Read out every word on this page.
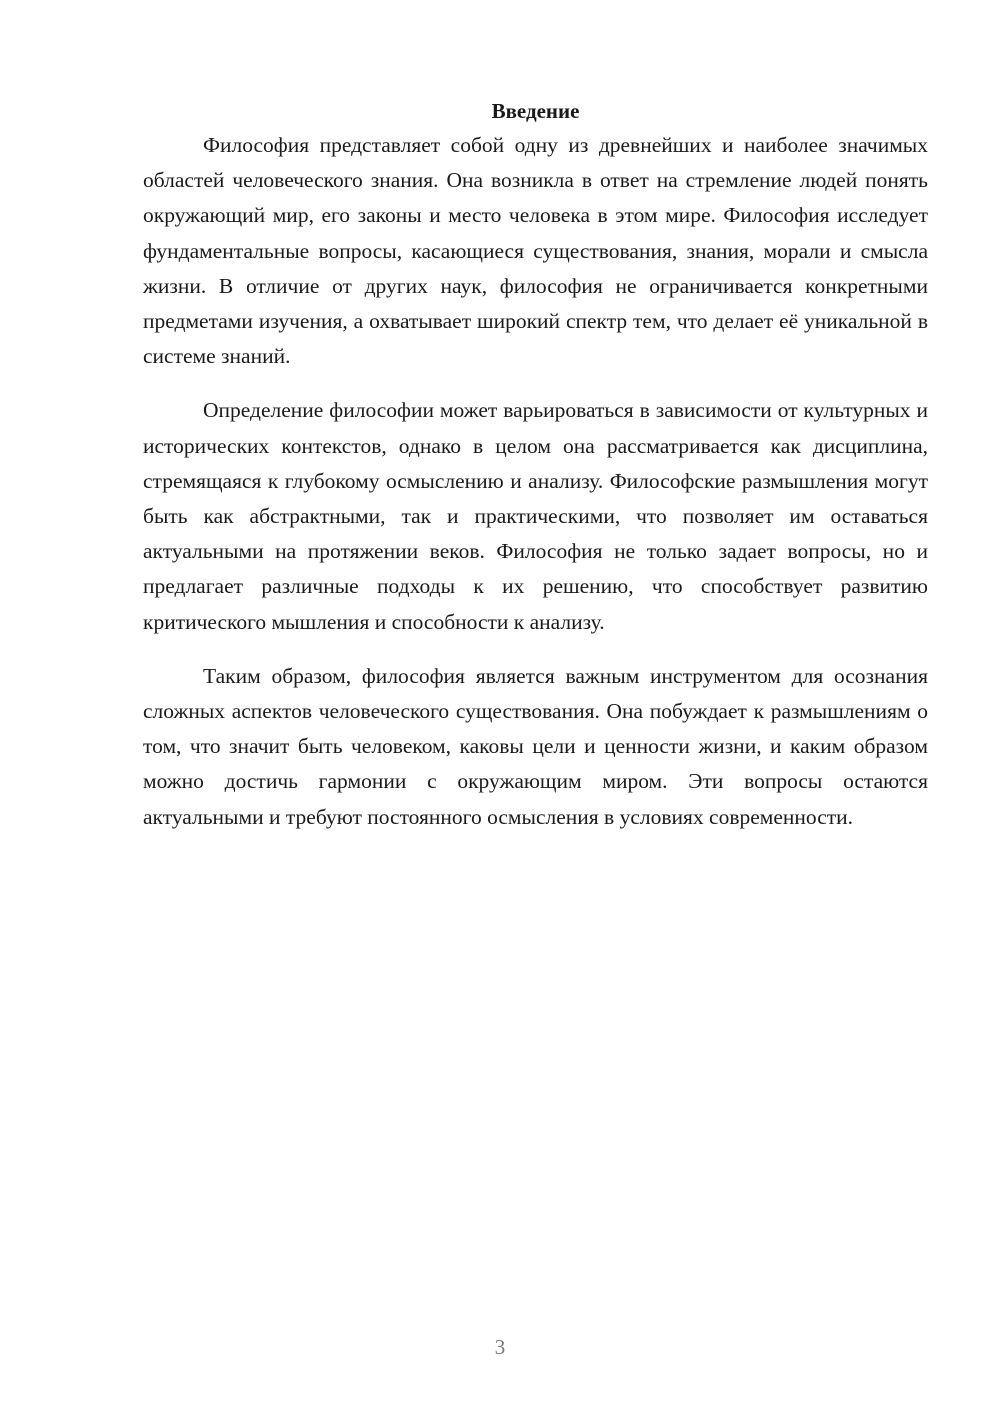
Введение

Философия представляет собой одну из древнейших и наиболее значимых областей человеческого знания. Она возникла в ответ на стремление людей понять окружающий мир, его законы и место человека в этом мире. Философия исследует фундаментальные вопросы, касающиеся существования, знания, морали и смысла жизни. В отличие от других наук, философия не ограничивается конкретными предметами изучения, а охватывает широкий спектр тем, что делает её уникальной в системе знаний.

Определение философии может варьироваться в зависимости от культурных и исторических контекстов, однако в целом она рассматривается как дисциплина, стремящаяся к глубокому осмыслению и анализу. Философские размышления могут быть как абстрактными, так и практическими, что позволяет им оставаться актуальными на протяжении веков. Философия не только задает вопросы, но и предлагает различные подходы к их решению, что способствует развитию критического мышления и способности к анализу.

Таким образом, философия является важным инструментом для осознания сложных аспектов человеческого существования. Она побуждает к размышлениям о том, что значит быть человеком, каковы цели и ценности жизни, и каким образом можно достичь гармонии с окружающим миром. Эти вопросы остаются актуальными и требуют постоянного осмысления в условиях современности.

3
